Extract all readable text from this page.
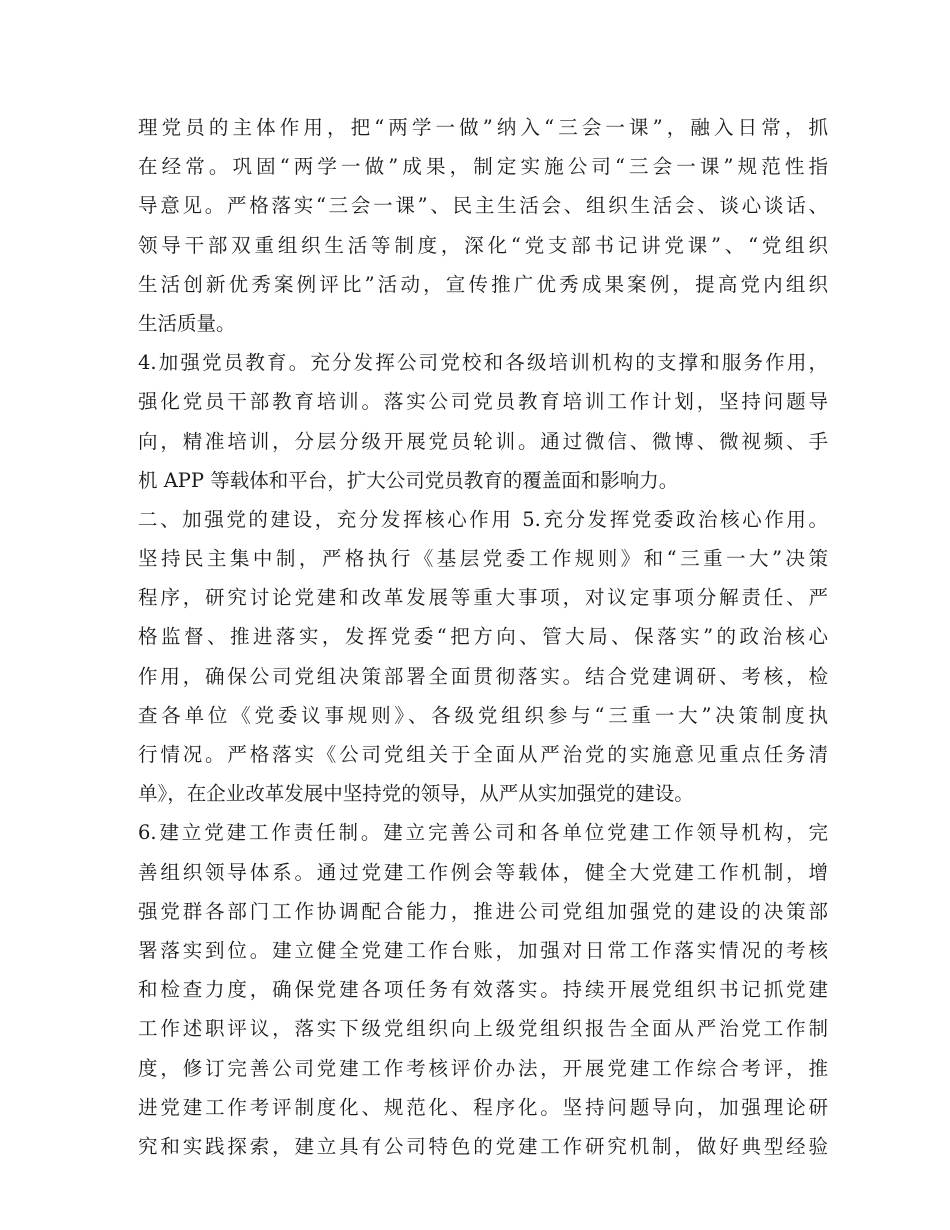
理党员的主体作用，把“两学一做”纳入“三会一课”，融入日常，抓
在经常。巩固“两学一做”成果，制定实施公司“三会一课”规范性指
导意见。严格落实“三会一课”、民主生活会、组织生活会、谈心谈话、
领导干部双重组织生活等制度，深化“党支部书记讲党课”、“党组织
生活创新优秀案例评比”活动，宣传推广优秀成果案例，提高党内组织
生活质量。
4.加强党员教育。充分发挥公司党校和各级培训机构的支撑和服务作用，
强化党员干部教育培训。落实公司党员教育培训工作计划，坚持问题导
向，精准培训，分层分级开展党员轮训。通过微信、微博、微视频、手
机 APP 等载体和平台，扩大公司党员教育的覆盖面和影响力。
二、加强党的建设，充分发挥核心作用 5.充分发挥党委政治核心作用。
坚持民主集中制，严格执行《基层党委工作规则》和“三重一大”决策
程序，研究讨论党建和改革发展等重大事项，对议定事项分解责任、严
格监督、推进落实，发挥党委“把方向、管大局、保落实”的政治核心
作用，确保公司党组决策部署全面贯彻落实。结合党建调研、考核，检
查各单位《党委议事规则》、各级党组织参与“三重一大”决策制度执
行情况。严格落实《公司党组关于全面从严治党的实施意见重点任务清
单》，在企业改革发展中坚持党的领导，从严从实加强党的建设。
6.建立党建工作责任制。建立完善公司和各单位党建工作领导机构，完
善组织领导体系。通过党建工作例会等载体，健全大党建工作机制，增
强党群各部门工作协调配合能力，推进公司党组加强党的建设的决策部
署落实到位。建立健全党建工作台账，加强对日常工作落实情况的考核
和检查力度，确保党建各项任务有效落实。持续开展党组织书记抓党建
工作述职评议，落实下级党组织向上级党组织报告全面从严治党工作制
度，修订完善公司党建工作考核评价办法，开展党建工作综合考评，推
进党建工作考评制度化、规范化、程序化。坚持问题导向，加强理论研
究和实践探索，建立具有公司特色的党建工作研究机制，做好典型经验
